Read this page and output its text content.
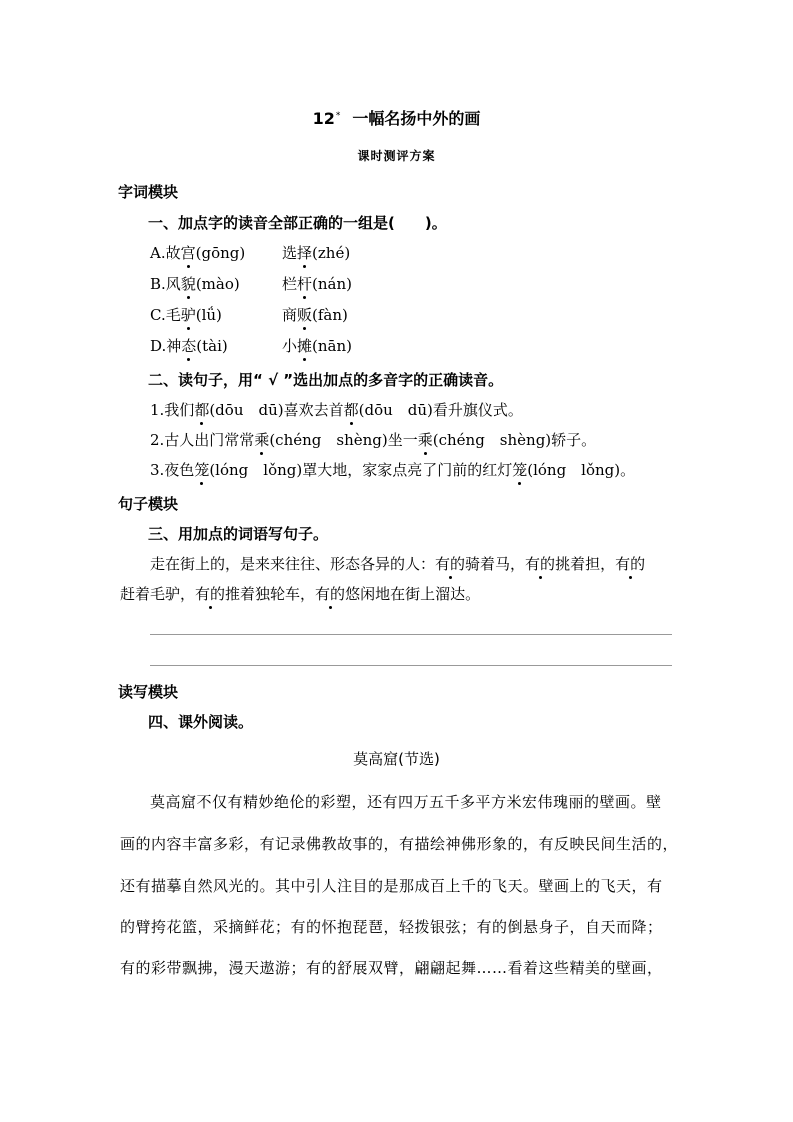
12* 一幅名扬中外的画
课时测评方案
字词模块
一、加点字的读音全部正确的一组是(　　)。
A.故宫(gōng) 选择(zhé)
B.风貌(mào)	栏杆(nán)
C.毛驴(lǘ)	商贩(fàn)
D.神态(tài)	小摊(nān)
二、读句子，用“ √ ”选出加点的多音字的正确读音。
1.我们都(dōu　dū)喜欢去首都(dōu　dū)看升旗仪式。
2.古人出门常常乘(chéng　shèng)坐一乘(chéng　shèng)轿子。
3.夜色笼(lóng　lǒng)罩大地，家家点亮了门前的红灯笼(lóng　lǒng)。
句子模块
三、用加点的词语写句子。
走在街上的，是来来往往、形态各异的人：有的骑着马，有的挑着担，有的
赶着毛驴，有的推着独轮车，有的悠闲地在街上溜达。
读写模块
四、课外阅读。
莫高窟(节选)
莫高窟不仅有精妙绝伦的彩塑，还有四万五千多平方米宏伟瑰丽的壁画。壁
画的内容丰富多彩，有记录佛教故事的，有描绘神佛形象的，有反映民间生活的，
还有描摹自然风光的。其中引人注目的是那成百上千的飞天。壁画上的飞天，有
的臂挎花篮，采摘鲜花；有的怀抱琵琶，轻拨银弦；有的倒悬身子，自天而降；
有的彩带飘拂，漫天遨游；有的舒展双臂，翩翩起舞……看着这些精美的壁画，
